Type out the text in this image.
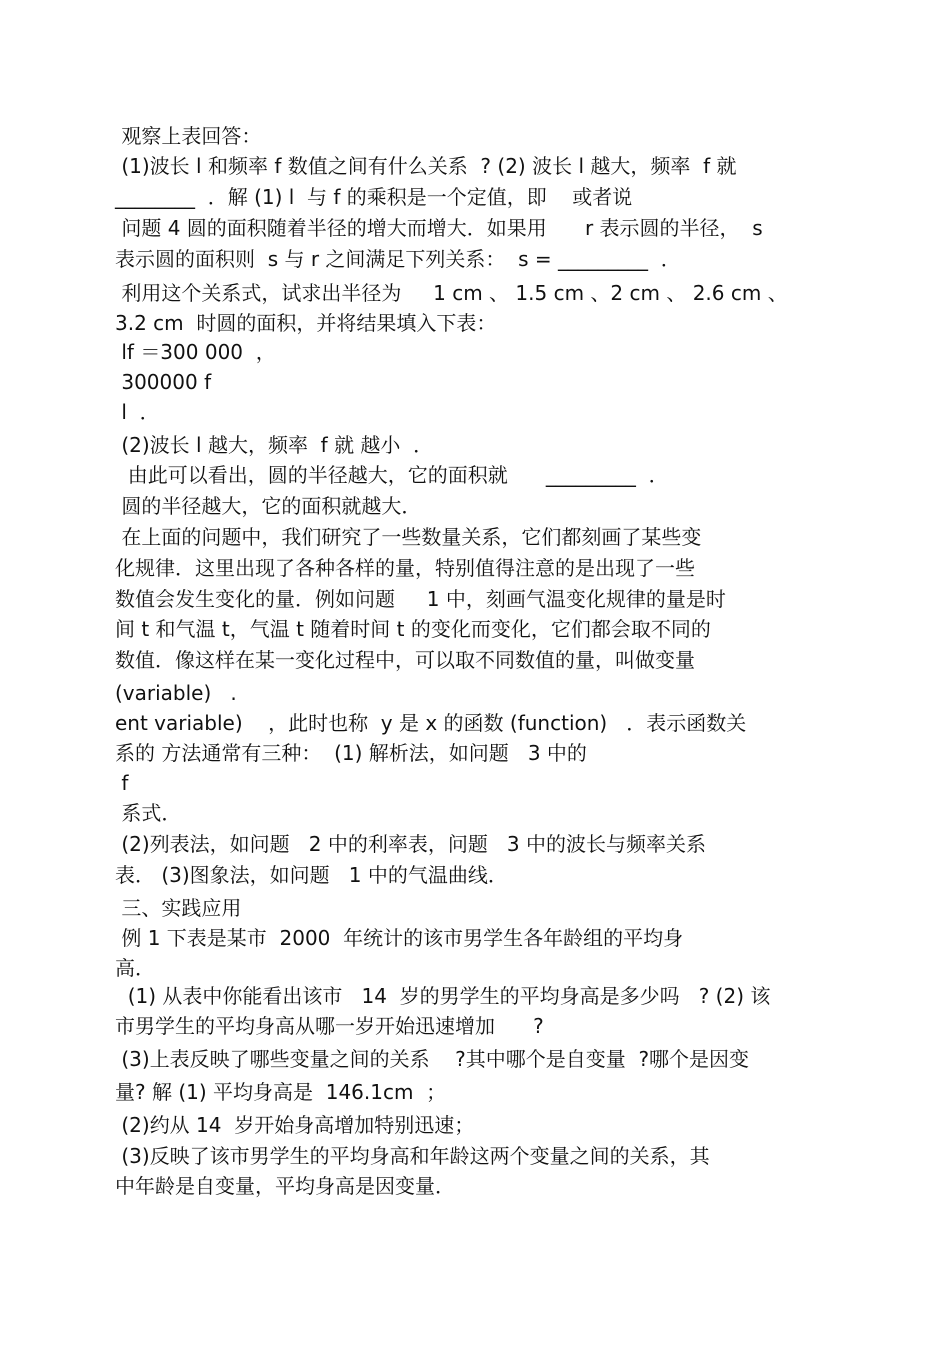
观察上表回答：
(1)波长 l 和频率 f 数值之间有什么关系  ? (2) 波长 l 越大，频率  f 就
________  ．解 (1) l  与 f 的乘积是一个定值，即    或者说
问题 4 圆的面积随着半径的增大而增大．如果用      r 表示圆的半径，  s
表示圆的面积则  s 与 r 之间满足下列关系：  s = _________  ．
利用这个关系式，试求出半径为     1 cm 、 1.5 cm 、2 cm 、 2.6 cm 、
3.2 cm  时圆的面积，并将结果填入下表：
lf ＝300 000  ，
300000 f
l  ．
(2)波长 l 越大，频率  f 就 越小  ．
由此可以看出，圆的半径越大，它的面积就      _________  ．
圆的半径越大，它的面积就越大．
在上面的问题中，我们研究了一些数量关系，它们都刻画了某些变
化规律．这里出现了各种各样的量，特别值得注意的是出现了一些
数值会发生变化的量．例如问题     1 中，刻画气温变化规律的量是时
间 t 和气温 t，气温 t 随着时间 t 的变化而变化，它们都会取不同的
数值．像这样在某一变化过程中，可以取不同数值的量，叫做变量
(variable)   .
ent variable)    ，此时也称  y 是 x 的函数 (function)   ．表示函数关
系的 方法通常有三种：  (1) 解析法，如问题   3 中的
f
系式．
(2)列表法，如问题   2 中的利率表，问题   3 中的波长与频率关系
表． (3)图象法，如问题   1 中的气温曲线．
三、实践应用
例 1 下表是某市  2000  年统计的该市男学生各年龄组的平均身
高．
(1) 从表中你能看出该市   14  岁的男学生的平均身高是多少吗   ? (2) 该
市男学生的平均身高从哪一岁开始迅速增加      ?
(3)上表反映了哪些变量之间的关系    ?其中哪个是自变量  ?哪个是因变
量? 解 (1) 平均身高是  146.1cm  ；
(2)约从 14  岁开始身高增加特别迅速；
(3)反映了该市男学生的平均身高和年龄这两个变量之间的关系，其
中年龄是自变量，平均身高是因变量．
